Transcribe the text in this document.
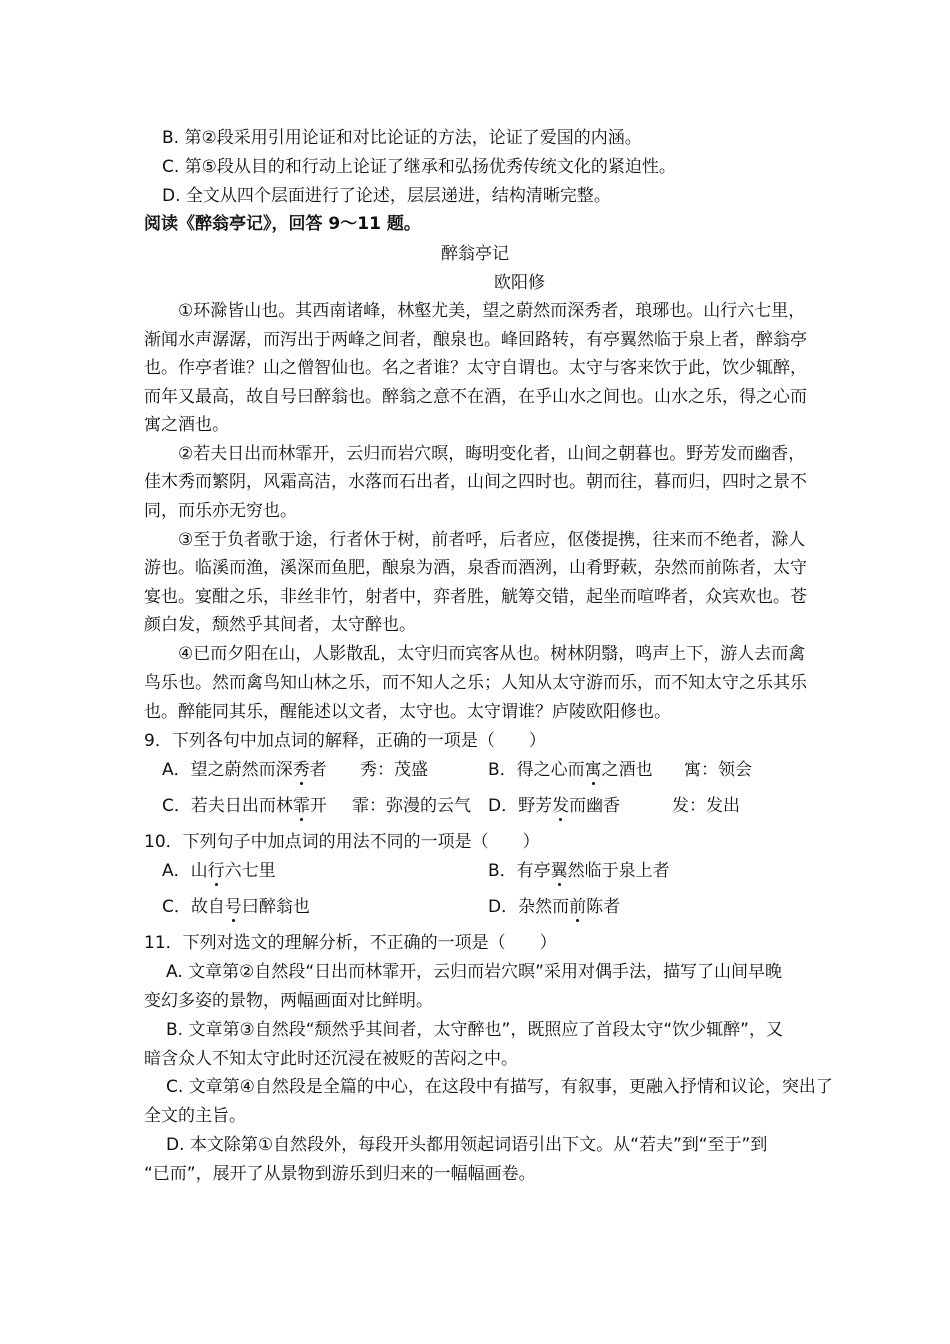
B. 第②段采用引用论证和对比论证的方法，论证了爱国的内涵。
C. 第⑤段从目的和行动上论证了继承和弘扬优秀传统文化的紧迫性。
D. 全文从四个层面进行了论述，层层递进，结构清晰完整。
阅读《醉翁亭记》，回答 9～11 题。
醉翁亭记
欧阳修
①环滁皆山也。其西南诸峰，林壑尤美，望之蔚然而深秀者，琅琊也。山行六七里，
渐闻水声潺潺，而泻出于两峰之间者，酿泉也。峰回路转，有亭翼然临于泉上者，醉翁亭
也。作亭者谁？山之僧智仙也。名之者谁？太守自谓也。太守与客来饮于此，饮少辄醉，
而年又最高，故自号曰醉翁也。醉翁之意不在酒，在乎山水之间也。山水之乐，得之心而
寓之酒也。
②若夫日出而林霏开，云归而岩穴暝，晦明变化者，山间之朝暮也。野芳发而幽香，
佳木秀而繁阴，风霜高洁，水落而石出者，山间之四时也。朝而往，暮而归，四时之景不
同，而乐亦无穷也。
③至于负者歌于途，行者休于树，前者呼，后者应，伛偻提携，往来而不绝者，滁人
游也。临溪而渔，溪深而鱼肥，酿泉为酒，泉香而酒洌，山肴野蔌，杂然而前陈者，太守
宴也。宴酣之乐，非丝非竹，射者中，弈者胜，觥筹交错，起坐而喧哗者，众宾欢也。苍
颜白发，颓然乎其间者，太守醉也。
④已而夕阳在山，人影散乱，太守归而宾客从也。树林阴翳，鸣声上下，游人去而禽
鸟乐也。然而禽鸟知山林之乐，而不知人之乐；人知从太守游而乐，而不知太守之乐其乐
也。醉能同其乐，醒能述以文者，太守也。太守谓谁？庐陵欧阳修也。
9．下列各句中加点词的解释，正确的一项是（　　）
A．望之蔚然而深秀者 秀：茂盛	B．得之心而寓之酒也 寓：领会
C．若夫日出而林霏开 霏：弥漫的云气 D．野芳发而幽香	发：发出
10．下列句子中加点词的用法不同的一项是（　　）
A．山行六七里	B．有亭翼然临于泉上者
C．故自号曰醉翁也	D．杂然而前陈者
11．下列对选文的理解分析，不正确的一项是（　　）
A. 文章第②自然段“日出而林霏开，云归而岩穴暝”采用对偶手法，描写了山间早晚
变幻多姿的景物，两幅画面对比鲜明。
B. 文章第③自然段“颓然乎其间者，太守醉也”，既照应了首段太守“饮少辄醉”，又
暗含众人不知太守此时还沉浸在被贬的苦闷之中。
C. 文章第④自然段是全篇的中心，在这段中有描写，有叙事，更融入抒情和议论，突出了
全文的主旨。
D. 本文除第①自然段外，每段开头都用领起词语引出下文。从“若夫”到“至于”到
“已而”，展开了从景物到游乐到归来的一幅幅画卷。
